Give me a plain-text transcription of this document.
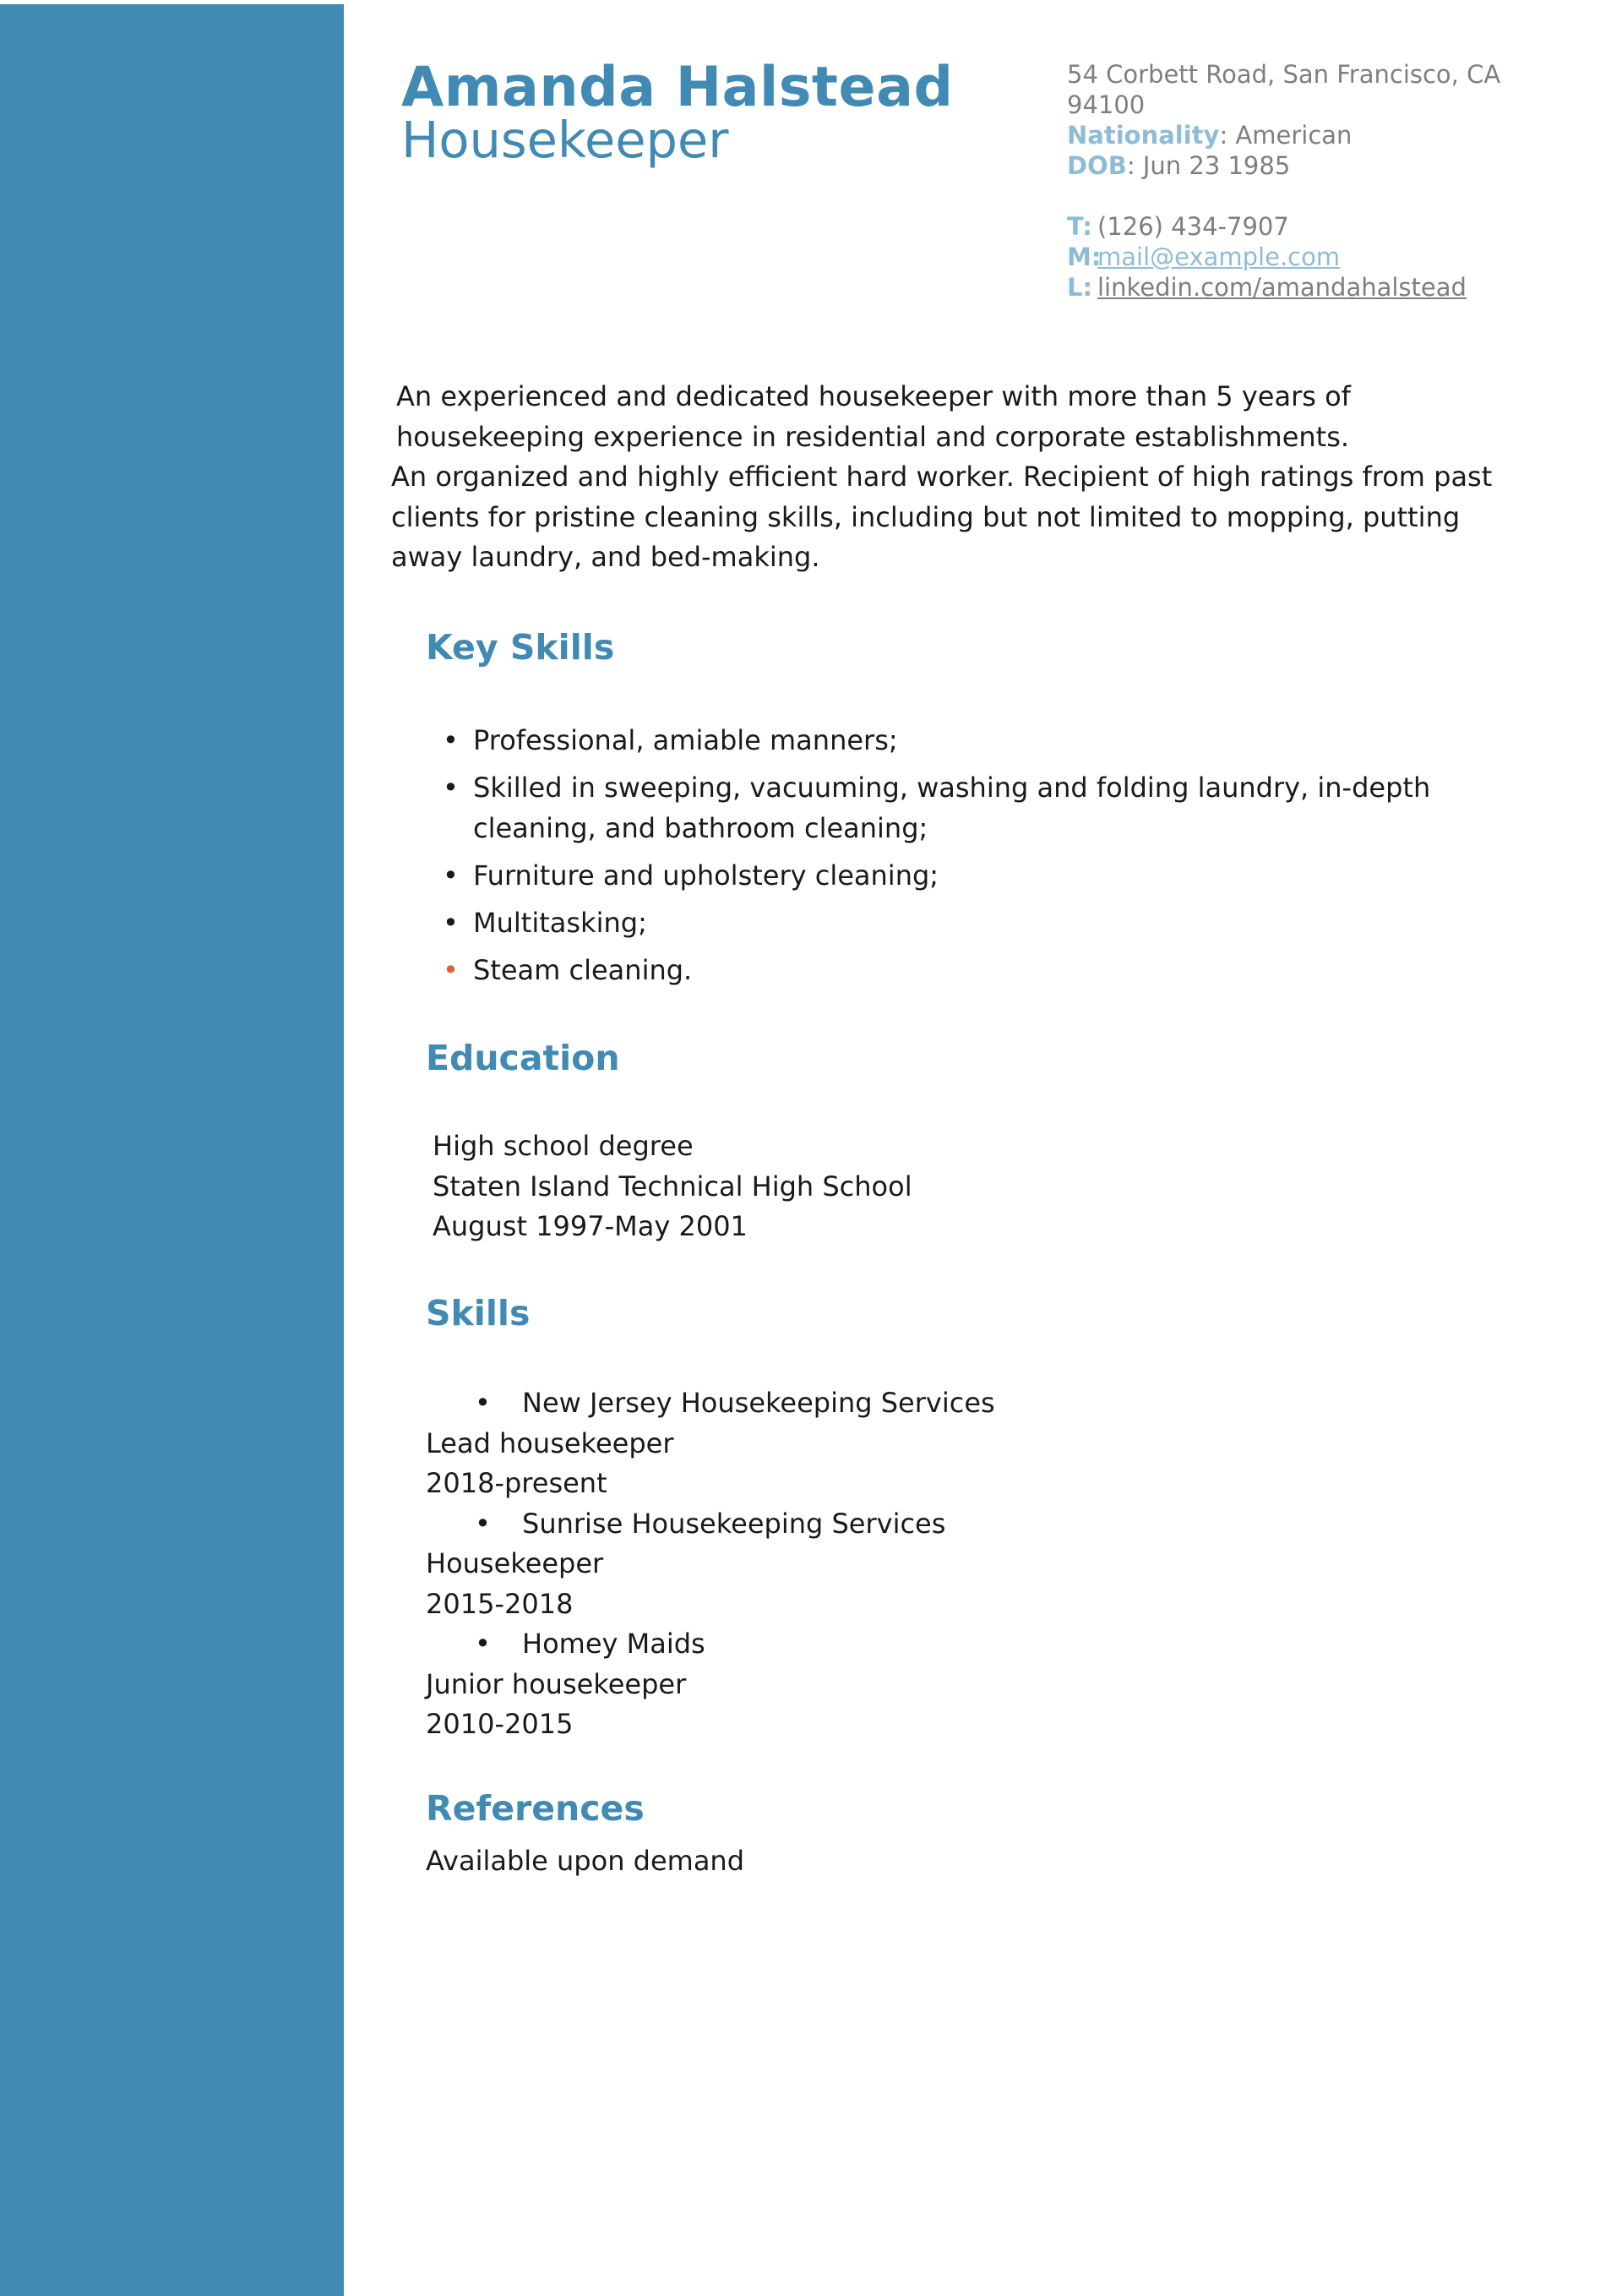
Amanda Halstead
Housekeeper
54 Corbett Road, San Francisco, CA
94100
Nationality: American
DOB: Jun 23 1985
T: (126) 434-7907
M:mail@example.com
L: linkedin.com/amandahalstead

An experienced and dedicated housekeeper with more than 5 years of housekeeping experience in residential and corporate establishments.

An organized and highly efficient hard worker. Recipient of high ratings from past clients for pristine cleaning skills, including but not limited to mopping, putting away laundry, and bed-making.

Key Skills
• Professional, amiable manners;
• Skilled in sweeping, vacuuming, washing and folding laundry, in-depth cleaning, and bathroom cleaning;
• Furniture and upholstery cleaning;
• Multitasking;
• Steam cleaning.
Education
High school degree
Staten Island Technical High School
August 1997-May 2001
Skills
• New Jersey Housekeeping Services
Lead housekeeper
2018-present
• Sunrise Housekeeping Services
Housekeeper
2015-2018
• Homey Maids
Junior housekeeper
2010-2015
References
Available upon demand
